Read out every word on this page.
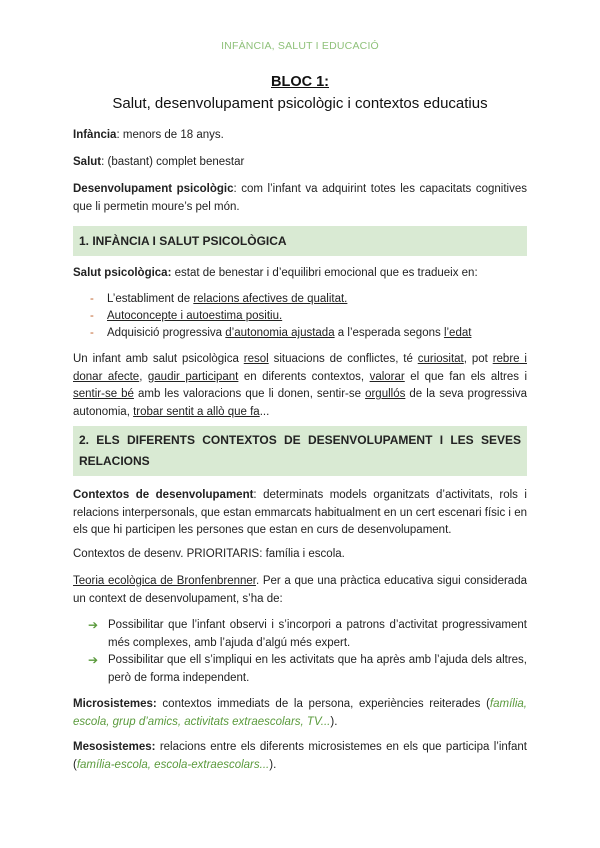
INFÀNCIA, SALUT I EDUCACIÓ
BLOC 1:
Salut, desenvolupament psicològic i contextos educatius

Infància: menors de 18 anys.

Salut: (bastant) complet benestar

Desenvolupament psicològic: com l’infant va adquirint totes les capacitats cognitives que li permetin moure’s pel món.

1. INFÀNCIA I SALUT PSICOLÒGICA

Salut psicològica: estat de benestar i d’equilibri emocional que es tradueix en:

- L’establiment de relacions afectives de qualitat.
- Autoconcepte i autoestima positiu.
- Adquisició progressiva d’autonomia ajustada a l’esperada segons l’edat

Un infant amb salut psicològica resol situacions de conflictes, té curiositat, pot rebre i donar afecte, gaudir participant en diferents contextos, valorar el que fan els altres i sentir-se bé amb les valoracions que li donen, sentir-se orgullós de la seva progressiva autonomia, trobar sentit a allò que fa...

2. ELS DIFERENTS CONTEXTOS DE DESENVOLUPAMENT I LES SEVES RELACIONS

Contextos de desenvolupament: determinats models organitzats d’activitats, rols i relacions interpersonals, que estan emmarcats habitualment en un cert escenari físic i en els que hi participen les persones que estan en curs de desenvolupament.

Contextos de desenv. PRIORITARIS: família i escola.

Teoria ecològica de Bronfenbrenner. Per a que una pràctica educativa sigui considerada un context de desenvolupament, s’ha de:

➔ Possibilitar que l’infant observi i s’incorpori a patrons d’activitat progressivament més complexes, amb l’ajuda d’algú més expert.
➔ Possibilitar que ell s’impliqui en les activitats que ha après amb l’ajuda dels altres, però de forma independent.

Microsistemes: contextos immediats de la persona, experiències reiterades (família, escola, grup d’amics, activitats extraescolars, TV...).

Mesosistemes: relacions entre els diferents microsistemes en els que participa l’infant (família-escola, escola-extraescolars...).
